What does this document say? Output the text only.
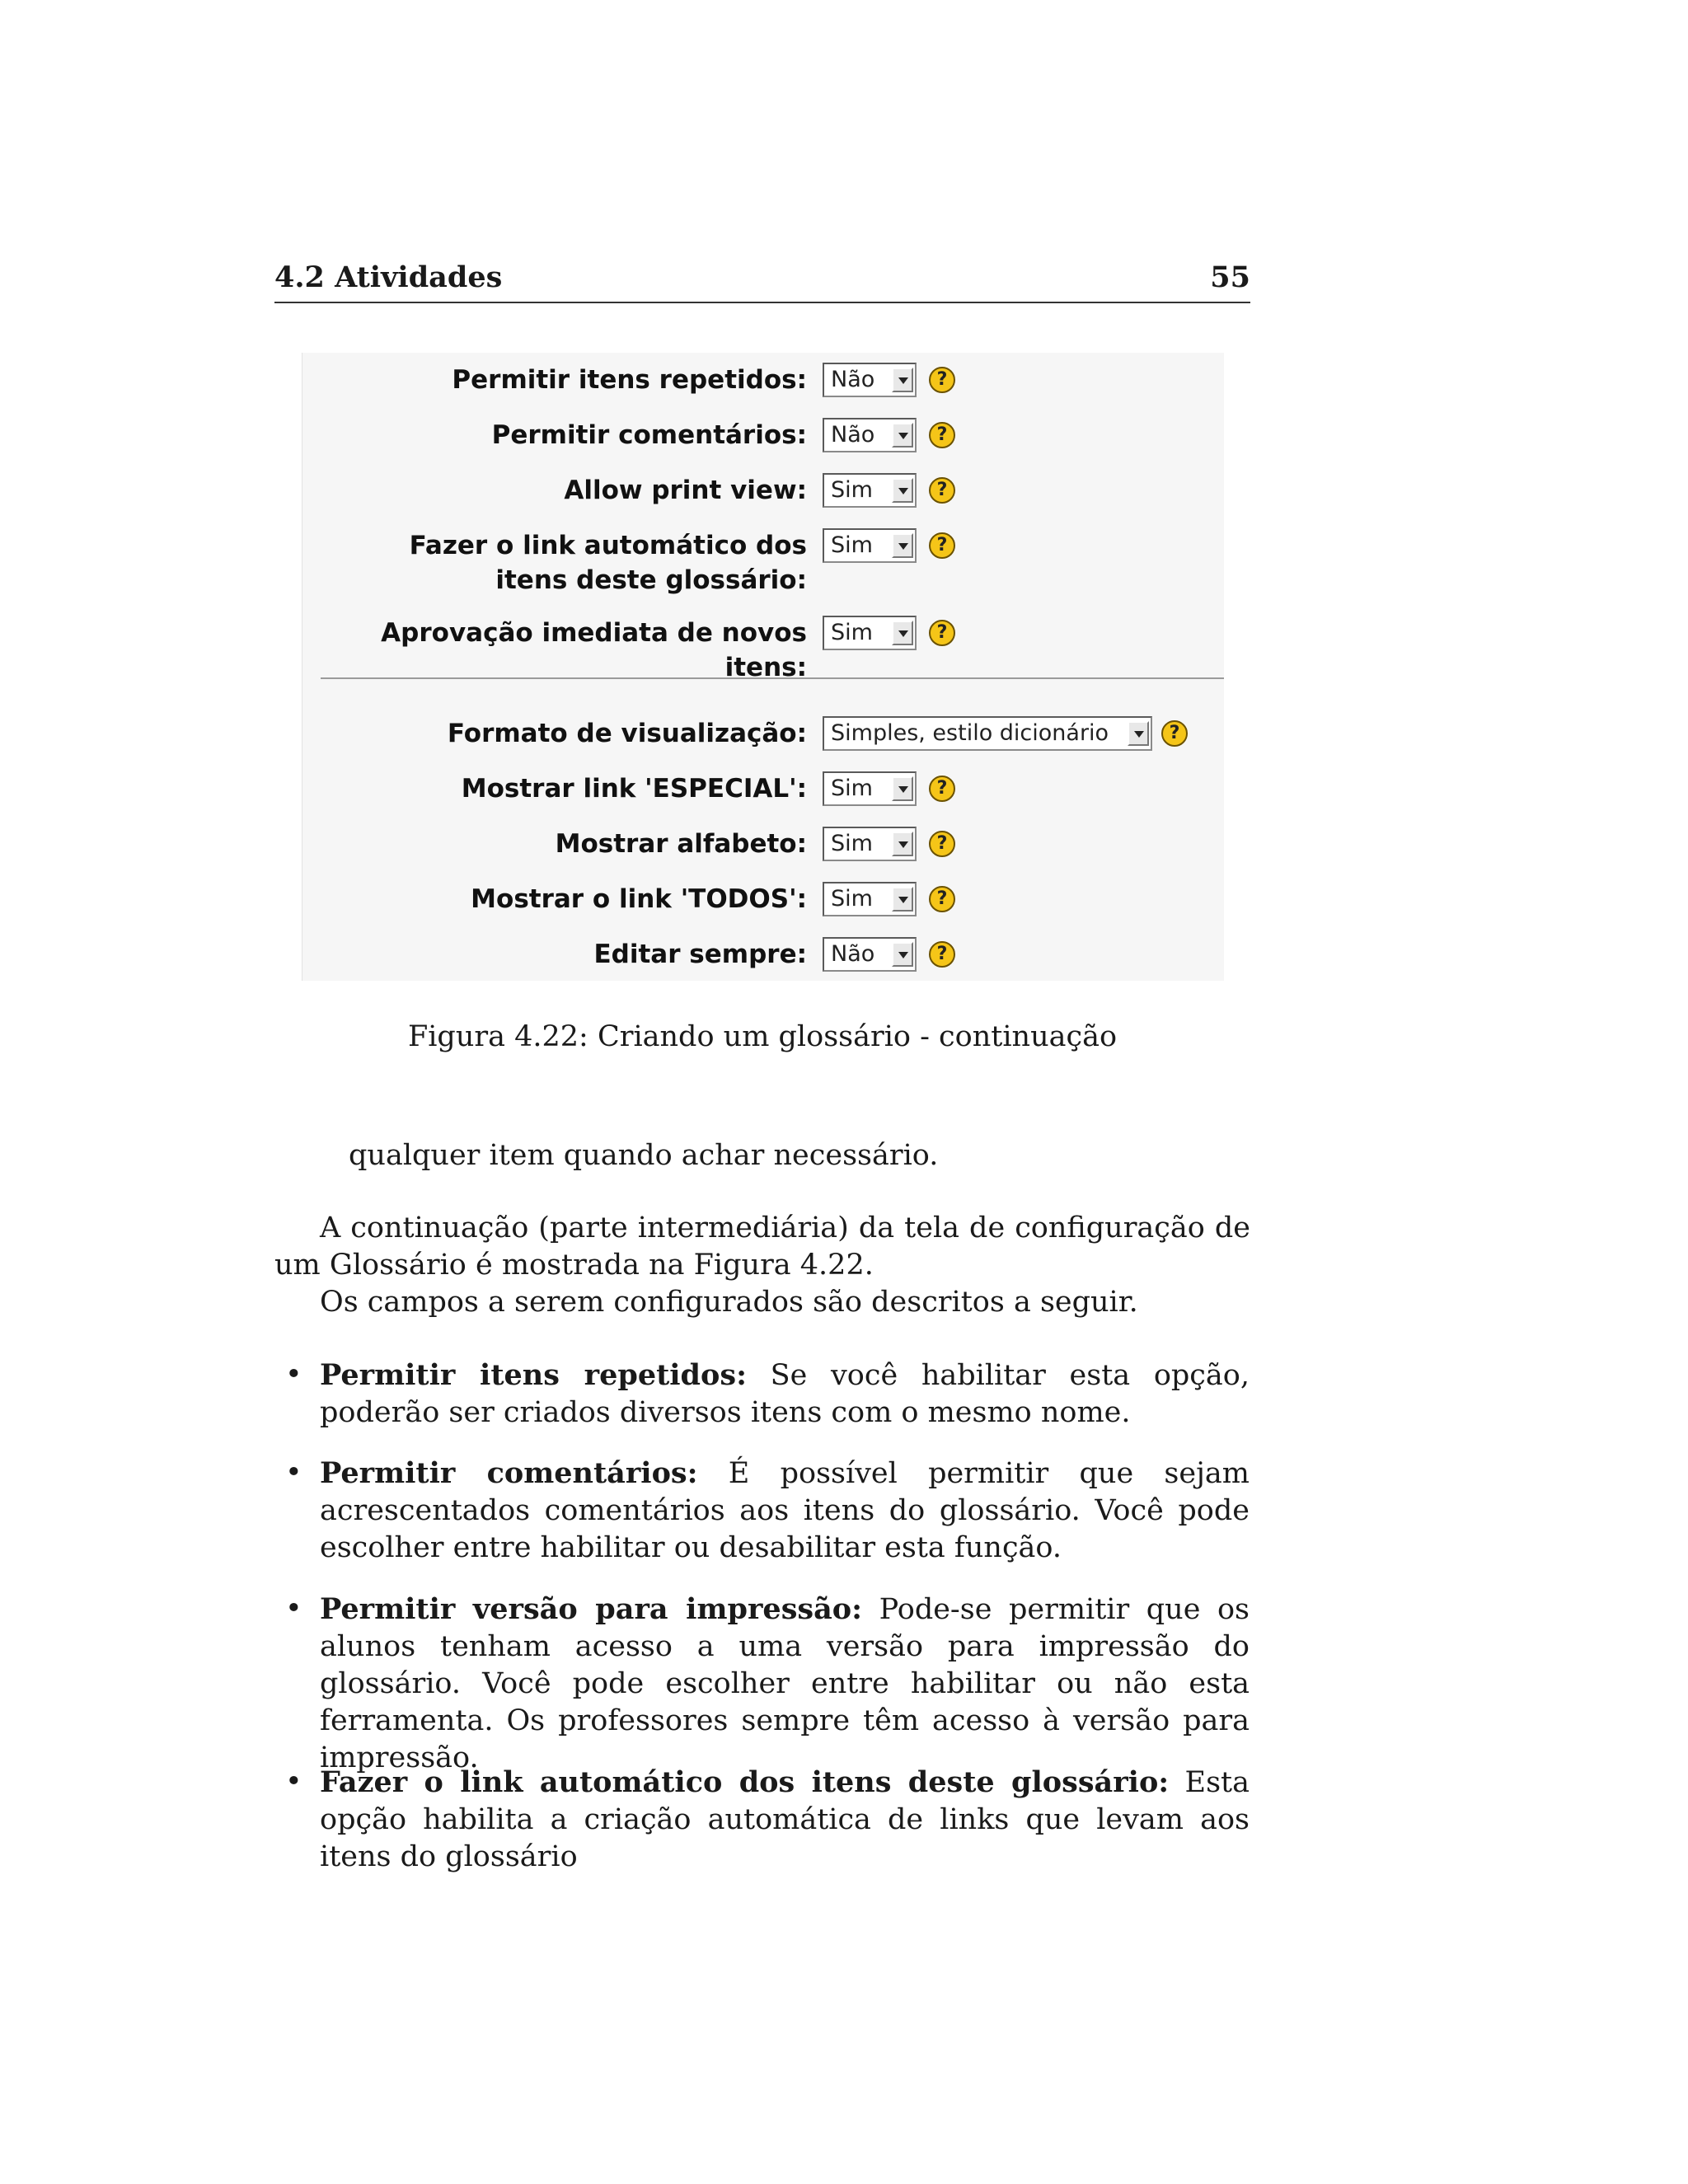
4.2 Atividades	55
Permitir itens repetidos:	Não	?
Permitir comentários:	Não	?
Allow print view:	Sim	?
Fazer o link automático dos itens deste glossário:
Sim	?
Aprovação imediata de novos itens:
Sim	?
Formato de visualização:	Simples, estilo dicionário	?
Mostrar link 'ESPECIAL':	Sim	?
Mostrar alfabeto:	Sim	?
Mostrar o link 'TODOS':	Sim	?
Editar sempre:	Não	?
Figura 4.22: Criando um glossário - continuação
qualquer item quando achar necessário.
A continuação (parte intermediária) da tela de configuração de um Glossário é mostrada na Figura 4.22.
Os campos a serem configurados são descritos a seguir.
• Permitir itens repetidos: Se você habilitar esta opção, poderão ser criados diversos itens com o mesmo nome.
• Permitir comentários: É possível permitir que sejam acrescentados comentários aos itens do glossário. Você pode escolher entre habilitar ou desabilitar esta função.
• Permitir versão para impressão: Pode-se permitir que os alunos tenham acesso a uma versão para impressão do glossário. Você pode escolher entre habilitar ou não esta ferramenta. Os professores sempre têm acesso à versão para impressão.
• Fazer o link automático dos itens deste glossário: Esta opção habilita a criação automática de links que levam aos itens do glossário
